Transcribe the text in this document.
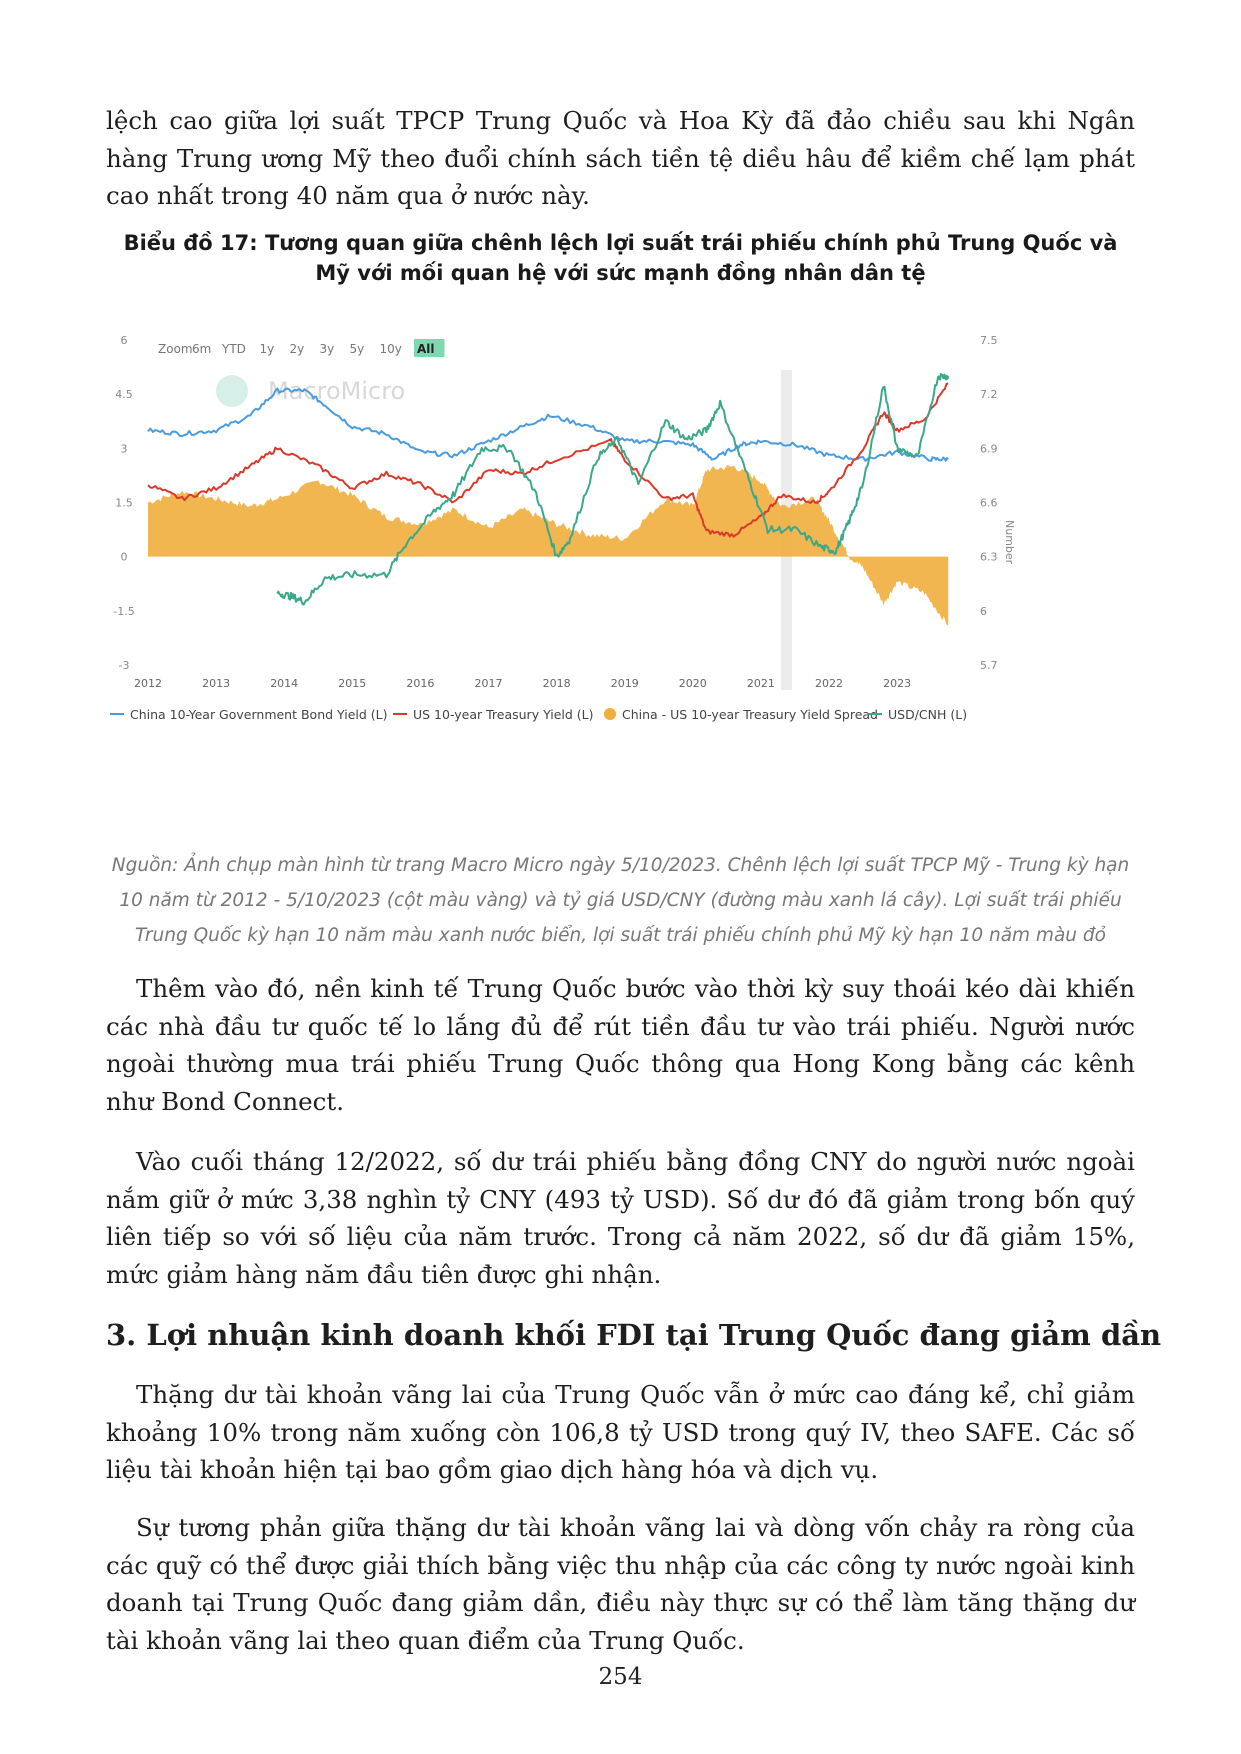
lệch cao giữa lợi suất TPCP Trung Quốc và Hoa Kỳ đã đảo chiều sau khi Ngân hàng Trung ương Mỹ theo đuổi chính sách tiền tệ diều hâu để kiềm chế lạm phát cao nhất trong 40 năm qua ở nước này.

Biểu đồ 17: Tương quan giữa chênh lệch lợi suất trái phiếu chính phủ Trung Quốc và Mỹ với mối quan hệ với sức mạnh đồng nhân dân tệ
Zoom 6m YTD 1y 2y 3y 5y 10y All
MacroMicro
6
4.5
3
1.5
0
-1.5
-3
7.5
7.2
6.9
6.6
6.3
6
5.7
2012	2013	2014	2015	2016	2017	2018	2019	2020	2021	2022	2023
Number
China 10-Year Government Bond Yield (L) US 10-year Treasury Yield (L) China - US 10-year Treasury Yield Spread USD/CNH (L)

Nguồn: Ảnh chụp màn hình từ trang Macro Micro ngày 5/10/2023. Chênh lệch lợi suất TPCP Mỹ - Trung kỳ hạn 10 năm từ 2012 - 5/10/2023 (cột màu vàng) và tỷ giá USD/CNY (đường màu xanh lá cây). Lợi suất trái phiếu Trung Quốc kỳ hạn 10 năm màu xanh nước biển, lợi suất trái phiếu chính phủ Mỹ kỳ hạn 10 năm màu đỏ

Thêm vào đó, nền kinh tế Trung Quốc bước vào thời kỳ suy thoái kéo dài khiến các nhà đầu tư quốc tế lo lắng đủ để rút tiền đầu tư vào trái phiếu. Người nước ngoài thường mua trái phiếu Trung Quốc thông qua Hong Kong bằng các kênh như Bond Connect.

Vào cuối tháng 12/2022, số dư trái phiếu bằng đồng CNY do người nước ngoài nắm giữ ở mức 3,38 nghìn tỷ CNY (493 tỷ USD). Số dư đó đã giảm trong bốn quý liên tiếp so với số liệu của năm trước. Trong cả năm 2022, số dư đã giảm 15%, mức giảm hàng năm đầu tiên được ghi nhận.

3. Lợi nhuận kinh doanh khối FDI tại Trung Quốc đang giảm dần

Thặng dư tài khoản vãng lai của Trung Quốc vẫn ở mức cao đáng kể, chỉ giảm khoảng 10% trong năm xuống còn 106,8 tỷ USD trong quý IV, theo SAFE. Các số liệu tài khoản hiện tại bao gồm giao dịch hàng hóa và dịch vụ.

Sự tương phản giữa thặng dư tài khoản vãng lai và dòng vốn chảy ra ròng của các quỹ có thể được giải thích bằng việc thu nhập của các công ty nước ngoài kinh doanh tại Trung Quốc đang giảm dần, điều này thực sự có thể làm tăng thặng dư tài khoản vãng lai theo quan điểm của Trung Quốc.

254
